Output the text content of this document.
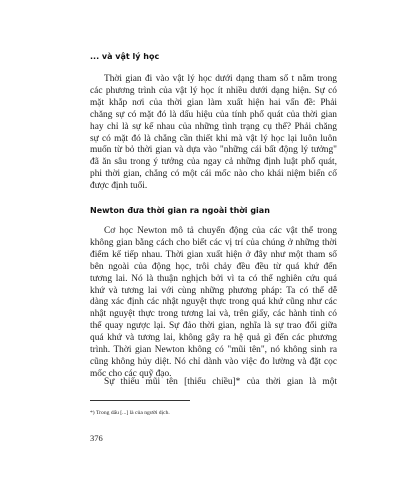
... và vật lý học

Thời gian đi vào vật lý học dưới dạng tham số t nằm trong
các phương trình của vật lý học ít nhiều dưới dạng hiện. Sự có
mặt khắp nơi của thời gian làm xuất hiện hai vấn đề: Phải
chăng sự có mặt đó là dấu hiệu của tính phổ quát của thời gian
hay chỉ là sự kế nhau của những tình trạng cụ thể? Phải chăng
sự có mặt đó là chẳng cần thiết khi mà vật lý học lại luôn luôn
muốn từ bỏ thời gian và dựa vào "những cái bất động lý tưởng"
đã ăn sâu trong ý tưởng của ngay cả những định luật phổ quát,
phi thời gian, chẳng có một cái mốc nào cho khái niệm biến cố
được định tuổi.
Newton đưa thời gian ra ngoài thời gian
Cơ học Newton mô tả chuyển động của các vật thể trong
không gian bằng cách cho biết các vị trí của chúng ở những thời
điểm kế tiếp nhau. Thời gian xuất hiện ở đây như một tham số
bên ngoài của động học, trôi chảy đều đều từ quá khứ đến
tương lai. Nó là thuận nghịch bởi vì ta có thể nghiên cứu quá
khứ và tương lai với cùng những phương pháp: Ta có thể dễ
dàng xác định các nhật nguyệt thực trong quá khứ cũng như các
nhật nguyệt thực trong tương lai và, trên giấy, các hành tinh có
thể quay ngược lại. Sự đảo thời gian, nghĩa là sự trao đổi giữa
quá khứ và tương lai, không gây ra hệ quả gì đến các phương
trình. Thời gian Newton không có "mũi tên", nó không sinh ra
cũng không hủy diệt. Nó chỉ dành vào việc đo lường và đặt cọc
mốc cho các quỹ đạo.
Sự thiếu mũi tên [thiếu chiều]* của thời gian là một

*) Trong dấu [...] là của người dịch.

376
